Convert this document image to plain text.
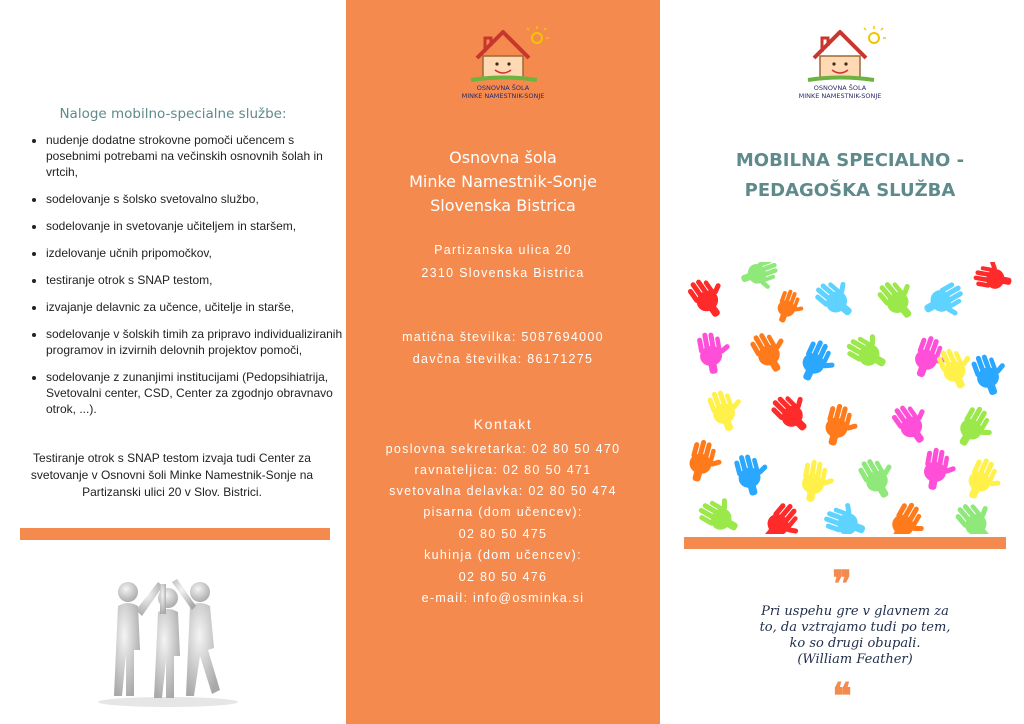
Naloge mobilno-specialne službe:
• nudenje dodatne strokovne pomoči učencem s posebnimi potrebami na večinskih osnovnih šolah in vrtcih,
• sodelovanje s šolsko svetovalno službo,
• sodelovanje in svetovanje učiteljem in staršem,
• izdelovanje učnih pripomočkov,
• testiranje otrok s SNAP testom,
• izvajanje delavnic za učence, učitelje in starše,
• sodelovanje v šolskih timih za pripravo individualiziranih programov in izvirnih delovnih projektov pomoči,
• sodelovanje z zunanjimi institucijami (Pedopsihiatrija, Svetovalni center, CSD, Center za zgodnjo obravnavo otrok, ...).
Testiranje otrok s SNAP testom izvaja tudi Center za svetovanje v Osnovni šoli Minke Namestnik-Sonje na Partizanski ulici 20 v Slov. Bistrici.
OSNOVNA ŠOLA
MINKE NAMESTNIK-SONJE
Osnovna šola
Minke Namestnik-Sonje
Slovenska Bistrica
Partizanska ulica 20
2310 Slovenska Bistrica
matična številka: 5087694000
davčna številka: 86171275
Kontakt
poslovna sekretarka: 02 80 50 470
ravnateljica: 02 80 50 471
svetovalna delavka: 02 80 50 474
pisarna (dom učencev):
02 80 50 475
kuhinja (dom učencev):
02 80 50 476
e-mail: info@osminka.si
OSNOVNA ŠOLA
MINKE NAMESTNIK-SONJE
MOBILNA SPECIALNO -
PEDAGOŠKA SLUŽBA
❞
Pri uspehu gre v glavnem za
to, da vztrajamo tudi po tem,
ko so drugi obupali.
(William Feather)
❝
